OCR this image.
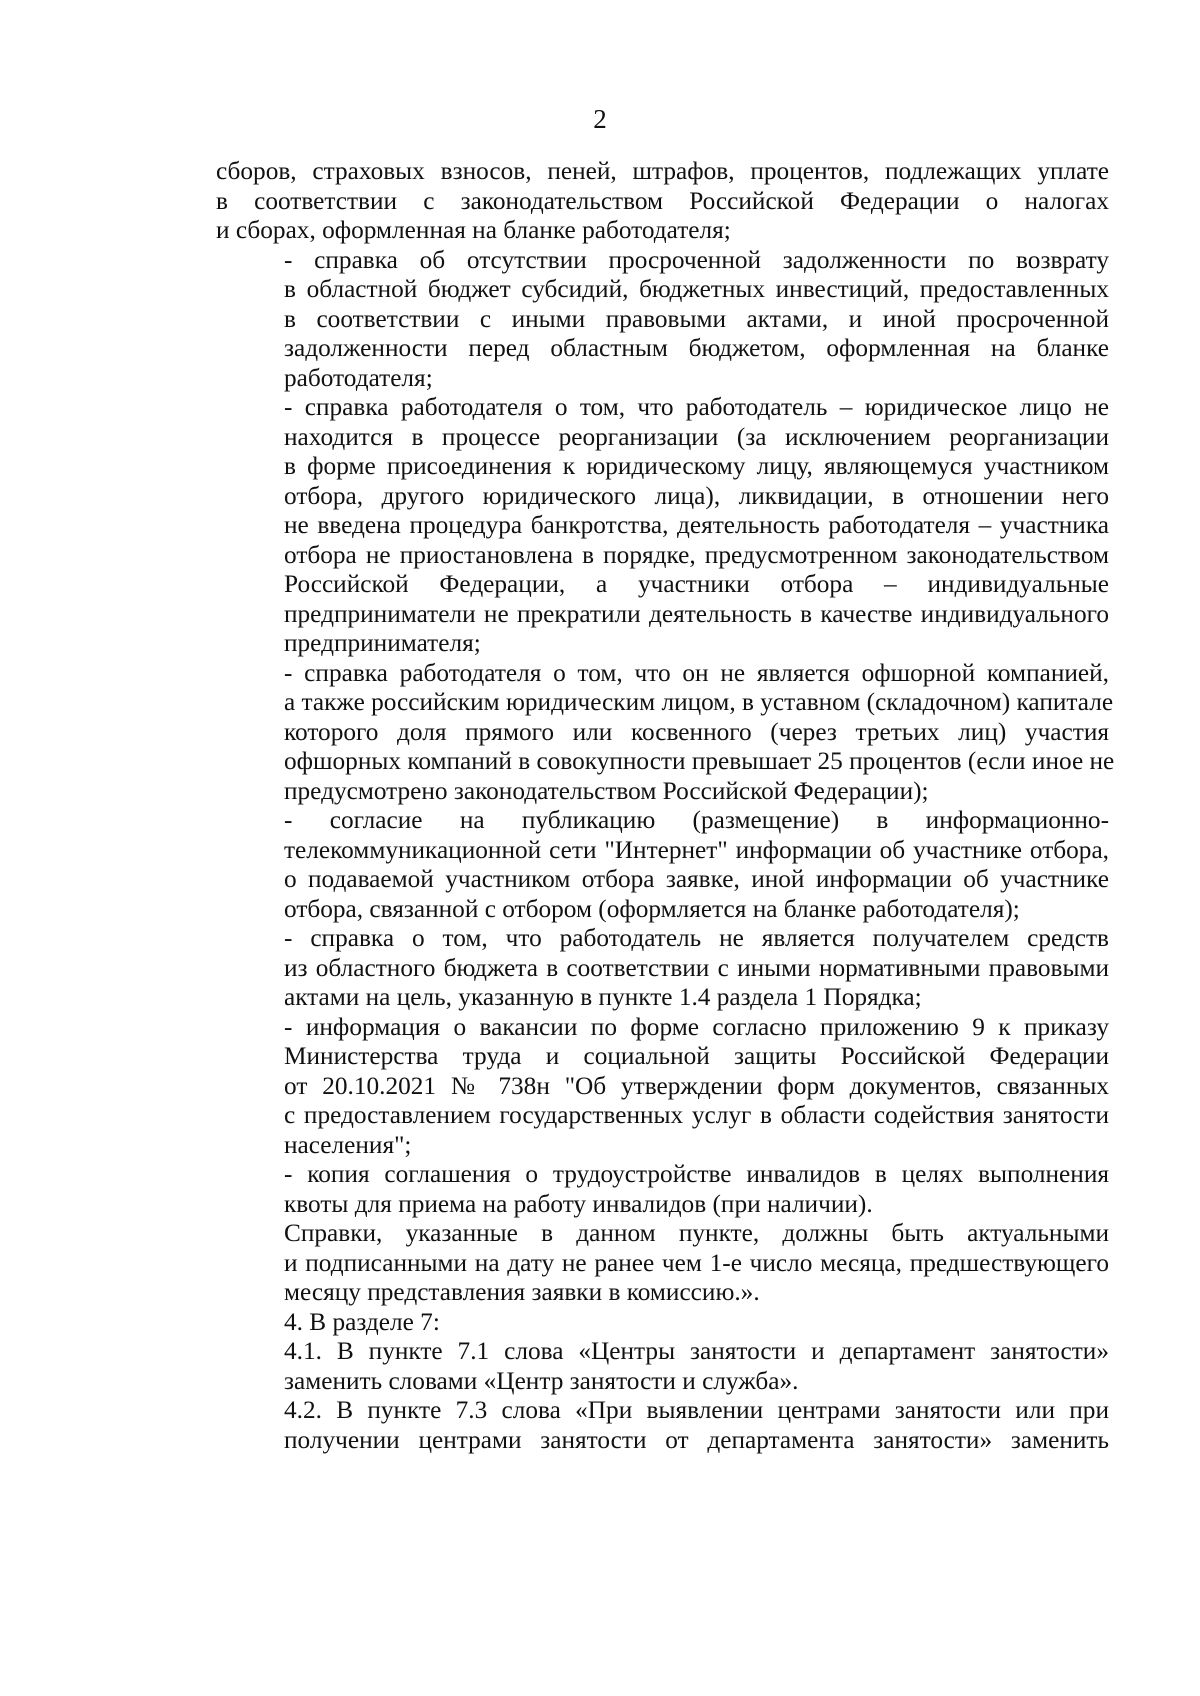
2
сборов, страховых взносов, пеней, штрафов, процентов, подлежащих уплате
в соответствии с законодательством Российской Федерации о налогах
и сборах, оформленная на бланке работодателя;
- справка об отсутствии просроченной задолженности по возврату
в областной бюджет субсидий, бюджетных инвестиций, предоставленных
в соответствии с иными правовыми актами, и иной просроченной
задолженности перед областным бюджетом, оформленная на бланке
работодателя;
- справка работодателя о том, что работодатель – юридическое лицо не
находится в процессе реорганизации (за исключением реорганизации
в форме присоединения к юридическому лицу, являющемуся участником
отбора, другого юридического лица), ликвидации, в отношении него
не введена процедура банкротства, деятельность работодателя – участника
отбора не приостановлена в порядке, предусмотренном законодательством
Российской Федерации, а участники отбора – индивидуальные
предприниматели не прекратили деятельность в качестве индивидуального
предпринимателя;
- справка работодателя о том, что он не является офшорной компанией,
а также российским юридическим лицом, в уставном (складочном) капитале
которого доля прямого или косвенного (через третьих лиц) участия
офшорных компаний в совокупности превышает 25 процентов (если иное не
предусмотрено законодательством Российской Федерации);
- согласие на публикацию (размещение) в информационно-
телекоммуникационной сети "Интернет" информации об участнике отбора,
о подаваемой участником отбора заявке, иной информации об участнике
отбора, связанной с отбором (оформляется на бланке работодателя);
- справка о том, что работодатель не является получателем средств
из областного бюджета в соответствии с иными нормативными правовыми
актами на цель, указанную в пункте 1.4 раздела 1 Порядка;
- информация о вакансии по форме согласно приложению 9 к приказу
Министерства труда и социальной защиты Российской Федерации
от 20.10.2021 № 738н "Об утверждении форм документов, связанных
с предоставлением государственных услуг в области содействия занятости
населения";
- копия соглашения о трудоустройстве инвалидов в целях выполнения
квоты для приема на работу инвалидов (при наличии).
Справки, указанные в данном пункте, должны быть актуальными
и подписанными на дату не ранее чем 1-е число месяца, предшествующего
месяцу представления заявки в комиссию.».
4. В разделе 7:
4.1. В пункте 7.1 слова «Центры занятости и департамент занятости»
заменить словами «Центр занятости и служба».
4.2. В пункте 7.3 слова «При выявлении центрами занятости или при
получении центрами занятости от департамента занятости» заменить
